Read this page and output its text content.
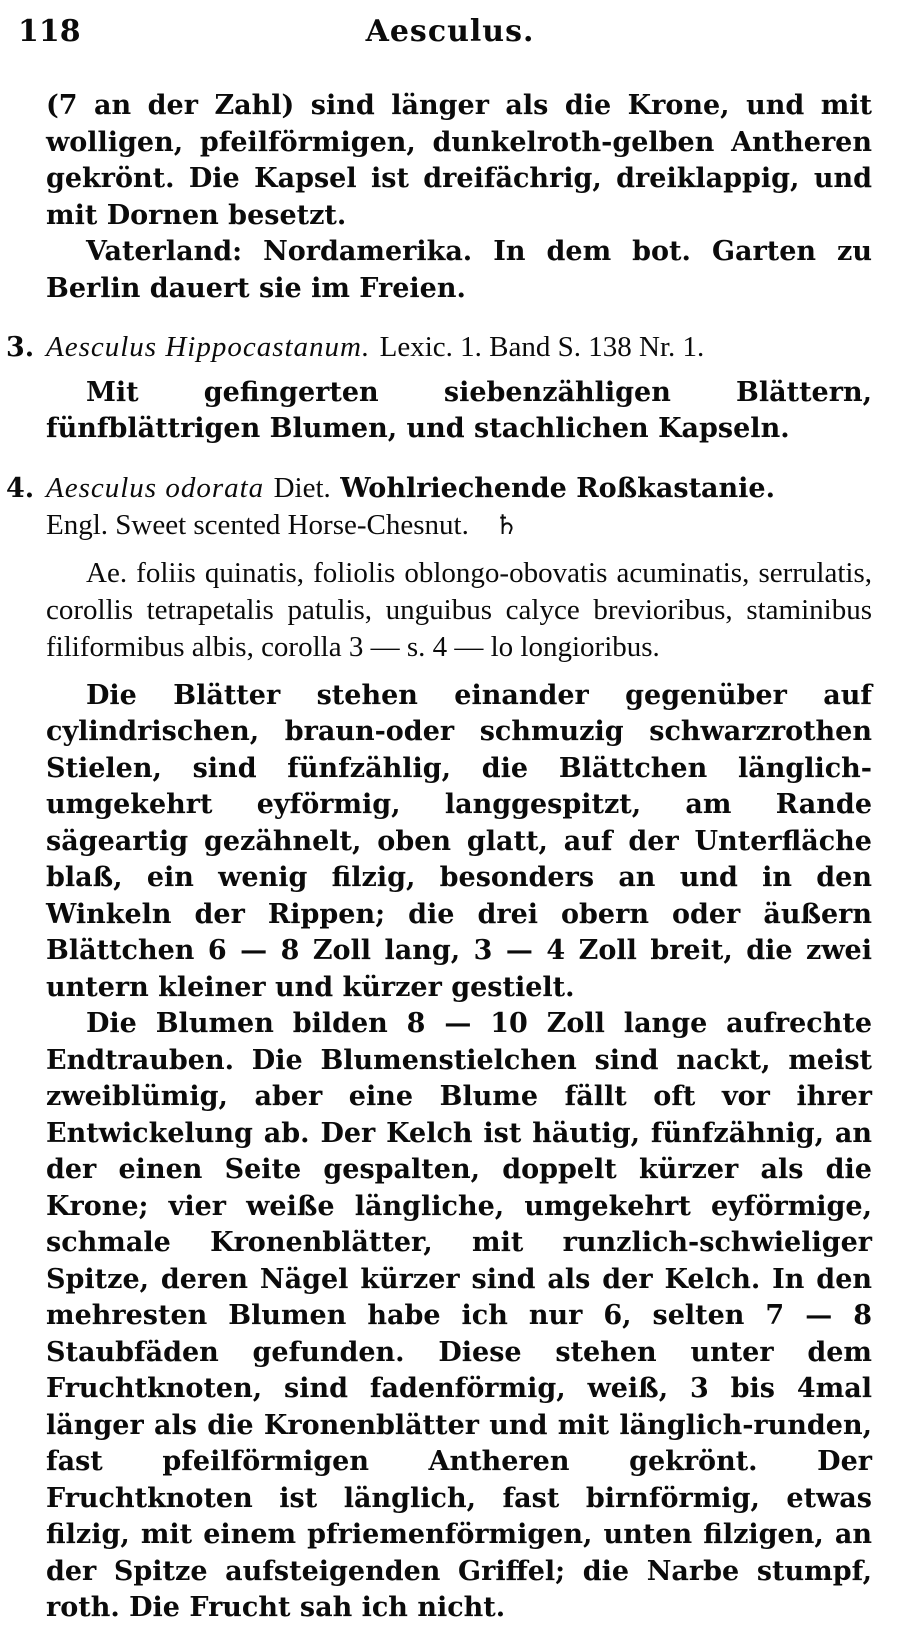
118	Aesculus.

(7 an der Zahl) sind länger als die Krone, und mit wolligen, pfeilförmigen, dunkelroth-gelben Antheren gekrönt. Die Kapsel ist dreifächrig, dreiklappig, und mit Dornen besetzt.

Vaterland: Nordamerika. In dem bot. Garten zu Berlin dauert sie im Freien.

3. Aesculus Hippocastanum. Lexic. 1. Band S. 138 Nr. 1.

Mit gefingerten siebenzähligen Blättern, fünfblättrigen Blumen, und stachlichen Kapseln.

4. Aesculus odorata Diet. Wohlriechende Roßkastanie.

Engl. Sweet scented Horse-Chesnut. ♄

Ae. foliis quinatis, foliolis oblongo-obovatis acuminatis, serrulatis, corollis tetrapetalis patulis, unguibus calyce brevioribus, staminibus filiformibus albis, corolla 3 — s. 4 — lo longioribus.

Die Blätter stehen einander gegenüber auf cylindrischen, braun-oder schmuzig schwarzrothen Stielen, sind fünfzählig, die Blättchen länglich-umgekehrt eyförmig, langgespitzt, am Rande sägeartig gezähnelt, oben glatt, auf der Unterfläche blaß, ein wenig filzig, besonders an und in den Winkeln der Rippen; die drei obern oder äußern Blättchen 6 — 8 Zoll lang, 3 — 4 Zoll breit, die zwei untern kleiner und kürzer gestielt.

Die Blumen bilden 8 — 10 Zoll lange aufrechte Endtrauben. Die Blumenstielchen sind nackt, meist zweiblümig, aber eine Blume fällt oft vor ihrer Entwickelung ab. Der Kelch ist häutig, fünfzähnig, an der einen Seite gespalten, doppelt kürzer als die Krone; vier weiße längliche, umgekehrt eyförmige, schmale Kronenblätter, mit runzlich-schwieliger Spitze, deren Nägel kürzer sind als der Kelch. In den mehresten Blumen habe ich nur 6, selten 7 — 8 Staubfäden gefunden. Diese stehen unter dem Fruchtknoten, sind fadenförmig, weiß, 3 bis 4mal länger als die Kronenblätter und mit länglich-runden, fast pfeilförmigen Antheren gekrönt. Der Fruchtknoten ist länglich, fast birnförmig, etwas filzig, mit einem pfriemenförmigen, unten filzigen, an der Spitze aufsteigenden Griffel; die Narbe stumpf, roth. Die Frucht sah ich nicht.
